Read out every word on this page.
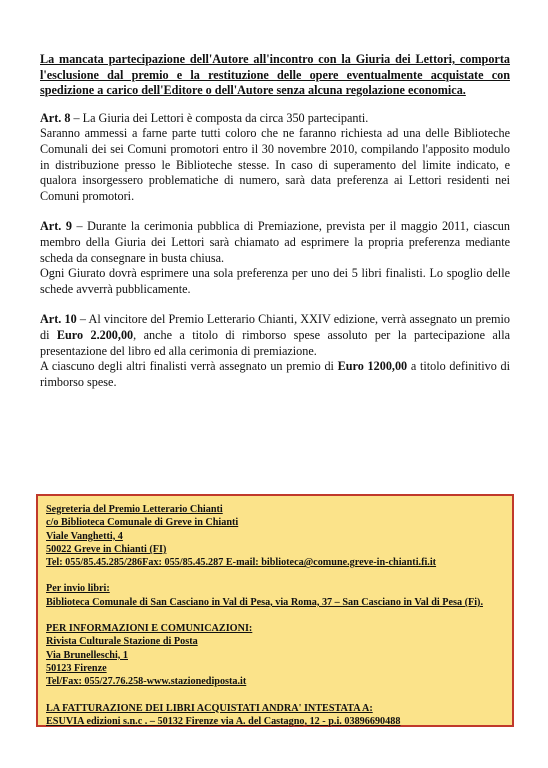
La mancata partecipazione dell'Autore all'incontro con la Giuria dei Lettori, comporta l'esclusione dal premio e la restituzione delle opere eventualmente acquistate con spedizione a carico dell'Editore o dell'Autore senza alcuna regolazione economica.

Art. 8 – La Giuria dei Lettori è composta da circa 350 partecipanti.

Saranno ammessi a farne parte tutti coloro che ne faranno richiesta ad una delle Biblioteche Comunali dei sei Comuni promotori entro il 30 novembre 2010, compilando l'apposito modulo in distribuzione presso le Biblioteche stesse. In caso di superamento del limite indicato, e qualora insorgessero problematiche di numero, sarà data preferenza ai Lettori residenti nei Comuni promotori.

Art. 9 – Durante la cerimonia pubblica di Premiazione, prevista per il maggio 2011, ciascun membro della Giuria dei Lettori sarà chiamato ad esprimere la propria preferenza mediante scheda da consegnare in busta chiusa.

Ogni Giurato dovrà esprimere una sola preferenza per uno dei 5 libri finalisti. Lo spoglio delle schede avverrà pubblicamente.

Art. 10 – Al vincitore del Premio Letterario Chianti, XXIV edizione, verrà assegnato un premio di Euro 2.200,00, anche a titolo di rimborso spese assoluto per la partecipazione alla presentazione del libro ed alla cerimonia di premiazione.

A ciascuno degli altri finalisti verrà assegnato un premio di Euro 1200,00 a titolo definitivo di rimborso spese.

Segreteria del Premio Letterario Chianti
c/o Biblioteca Comunale di Greve in Chianti
Viale Vanghetti, 4
50022 Greve in Chianti (FI)
Tel: 055/85.45.285/286Fax: 055/85.45.287 E-mail: biblioteca@comune.greve-in-chianti.fi.it
Per invio libri:
Biblioteca Comunale di San Casciano in Val di Pesa, via Roma, 37 – San Casciano in Val di Pesa (Fi).
PER INFORMAZIONI E COMUNICAZIONI:
Rivista Culturale Stazione di Posta
Via Brunelleschi, 1
50123 Firenze
Tel/Fax: 055/27.76.258-www.stazionediposta.it
LA FATTURAZIONE DEI LIBRI ACQUISTATI ANDRA' INTESTATA A:
ESUVIA edizioni s.n.c . – 50132 Firenze via A. del Castagno, 12 - p.i. 03896690488
